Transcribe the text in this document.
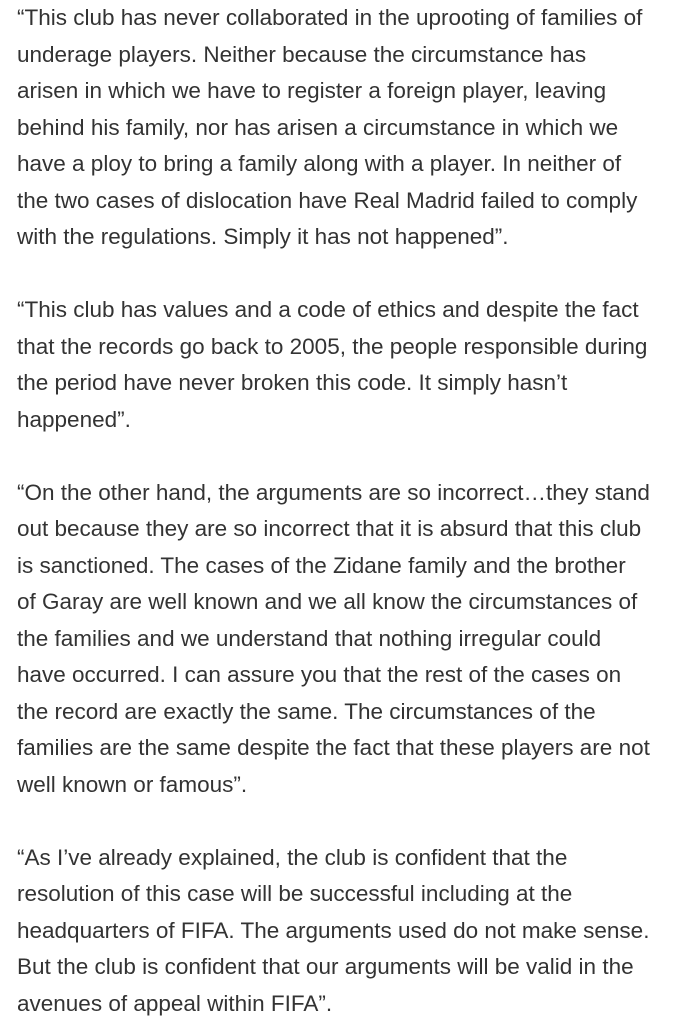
“This club has never collaborated in the uprooting of families of
underage players. Neither because the circumstance has
arisen in which we have to register a foreign player, leaving
behind his family, nor has arisen a circumstance in which we
have a ploy to bring a family along with a player. In neither of
the two cases of dislocation have Real Madrid failed to comply
with the regulations. Simply it has not happened”.
“This club has values and a code of ethics and despite the fact
that the records go back to 2005, the people responsible during
the period have never broken this code. It simply hasn’t
happened”.
“On the other hand, the arguments are so incorrect…they stand
out because they are so incorrect that it is absurd that this club
is sanctioned. The cases of the Zidane family and the brother
of Garay are well known and we all know the circumstances of
the families and we understand that nothing irregular could
have occurred. I can assure you that the rest of the cases on
the record are exactly the same. The circumstances of the
families are the same despite the fact that these players are not
well known or famous”.
“As I’ve already explained, the club is confident that the
resolution of this case will be successful including at the
headquarters of FIFA. The arguments used do not make sense.
But the club is confident that our arguments will be valid in the
avenues of appeal within FIFA”.
